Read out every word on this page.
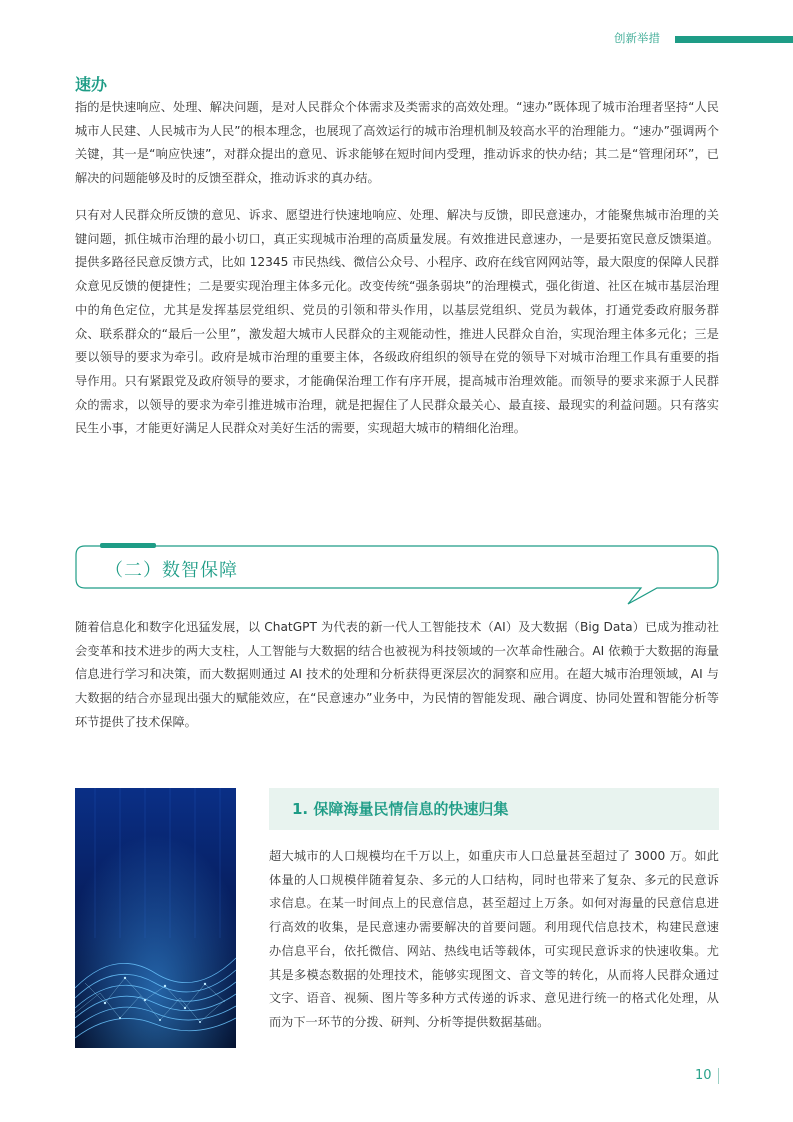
创新举措
速办

指的是快速响应、处理、解决问题，是对人民群众个体需求及类需求的高效处理。“速办”既体现了城市治理者坚持“人民城市人民建、人民城市为人民”的根本理念，也展现了高效运行的城市治理机制及较高水平的治理能力。“速办”强调两个关键，其一是“响应快速”，对群众提出的意见、诉求能够在短时间内受理，推动诉求的快办结；其二是“管理闭环”，已解决的问题能够及时的反馈至群众，推动诉求的真办结。

只有对人民群众所反馈的意见、诉求、愿望进行快速地响应、处理、解决与反馈，即民意速办，才能聚焦城市治理的关键问题，抓住城市治理的最小切口，真正实现城市治理的高质量发展。有效推进民意速办，一是要拓宽民意反馈渠道。提供多路径民意反馈方式，比如 12345 市民热线、微信公众号、小程序、政府在线官网网站等，最大限度的保障人民群众意见反馈的便捷性；二是要实现治理主体多元化。改变传统“强条弱块”的治理模式，强化街道、社区在城市基层治理中的角色定位，尤其是发挥基层党组织、党员的引领和带头作用，以基层党组织、党员为载体，打通党委政府服务群众、联系群众的“最后一公里”，激发超大城市人民群众的主观能动性，推进人民群众自治，实现治理主体多元化；三是要以领导的要求为牵引。政府是城市治理的重要主体，各级政府组织的领导在党的领导下对城市治理工作具有重要的指导作用。只有紧跟党及政府领导的要求，才能确保治理工作有序开展，提高城市治理效能。而领导的要求来源于人民群众的需求，以领导的要求为牵引推进城市治理，就是把握住了人民群众最关心、最直接、最现实的利益问题。只有落实民生小事，才能更好满足人民群众对美好生活的需要，实现超大城市的精细化治理。

（二）数智保障

随着信息化和数字化迅猛发展，以 ChatGPT 为代表的新一代人工智能技术（AI）及大数据（Big Data）已成为推动社会变革和技术进步的两大支柱，人工智能与大数据的结合也被视为科技领域的一次革命性融合。AI 依赖于大数据的海量信息进行学习和决策，而大数据则通过 AI 技术的处理和分析获得更深层次的洞察和应用。在超大城市治理领域，AI 与大数据的结合亦显现出强大的赋能效应，在“民意速办”业务中，为民情的智能发现、融合调度、协同处置和智能分析等环节提供了技术保障。

1. 保障海量民情信息的快速归集

超大城市的人口规模均在千万以上，如重庆市人口总量甚至超过了 3000 万。如此体量的人口规模伴随着复杂、多元的人口结构，同时也带来了复杂、多元的民意诉求信息。在某一时间点上的民意信息，甚至超过上万条。如何对海量的民意信息进行高效的收集，是民意速办需要解决的首要问题。利用现代信息技术，构建民意速办信息平台，依托微信、网站、热线电话等载体，可实现民意诉求的快速收集。尤其是多模态数据的处理技术，能够实现图文、音文等的转化，从而将人民群众通过文字、语音、视频、图片等多种方式传递的诉求、意见进行统一的格式化处理，从而为下一环节的分拨、研判、分析等提供数据基础。

10
